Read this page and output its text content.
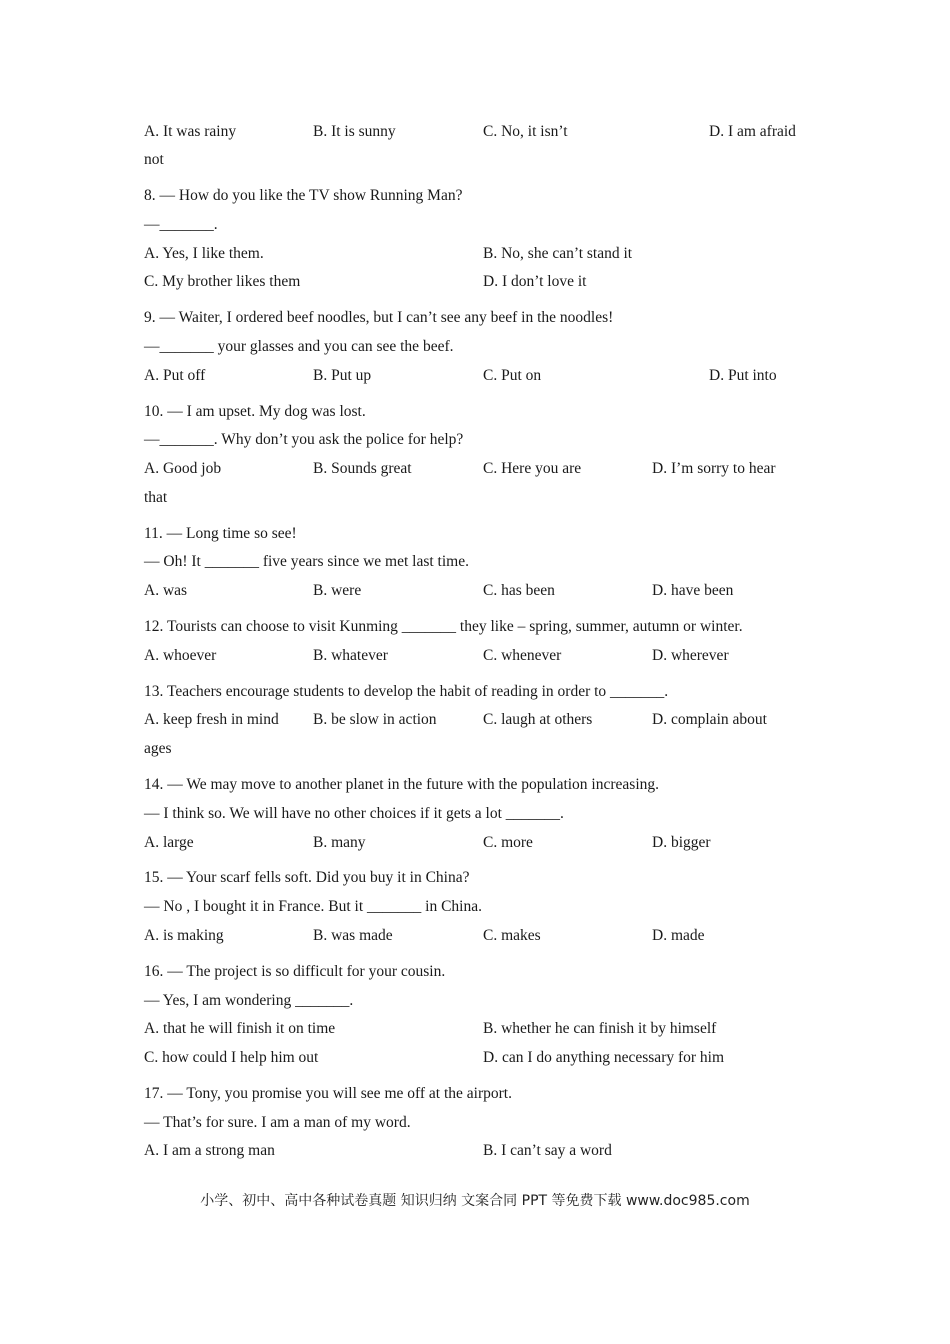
A. It was rainy	B. It is sunny	C. No, it isn’t	D. I am afraid
not
8. — How do you like the TV show Running Man?
—_______.
A. Yes, I like them.	B. No, she can’t stand it
C. My brother likes them	D. I don’t love it
9. — Waiter, I ordered beef noodles, but I can’t see any beef in the noodles!
—_______ your glasses and you can see the beef.
A. Put off	B. Put up	C. Put on	D. Put into
10. — I am upset. My dog was lost.
—_______. Why don’t you ask the police for help?
A. Good job	B. Sounds great	C. Here you are	D. I’m sorry to hear
that
11. — Long time so see!
— Oh! It _______ five years since we met last time.
A. was	B. were	C. has been	D. have been
12. Tourists can choose to visit Kunming _______ they like – spring, summer, autumn or winter.
A. whoever	B. whatever	C. whenever	D. wherever
13. Teachers encourage students to develop the habit of reading in order to _______.
A. keep fresh in mind B. be slow in action	C. laugh at others	D. complain about
ages
14. — We may move to another planet in the future with the population increasing.
— I think so. We will have no other choices if it gets a lot _______.
A. large	B. many	C. more	D. bigger
15. — Your scarf fells soft. Did you buy it in China?
— No , I bought it in France. But it _______ in China.
A. is making	B. was made	C. makes	D. made
16. — The project is so difficult for your cousin.
— Yes, I am wondering _______.
A. that he will finish it on time	B. whether he can finish it by himself
C. how could I help him out	D. can I do anything necessary for him
17. — Tony, you promise you will see me off at the airport.
— That’s for sure. I am a man of my word.
A. I am a strong man	B. I can’t say a word
小学、初中、高中各种试卷真题 知识归纳 文案合同 PPT 等免费下载 www.doc985.com
